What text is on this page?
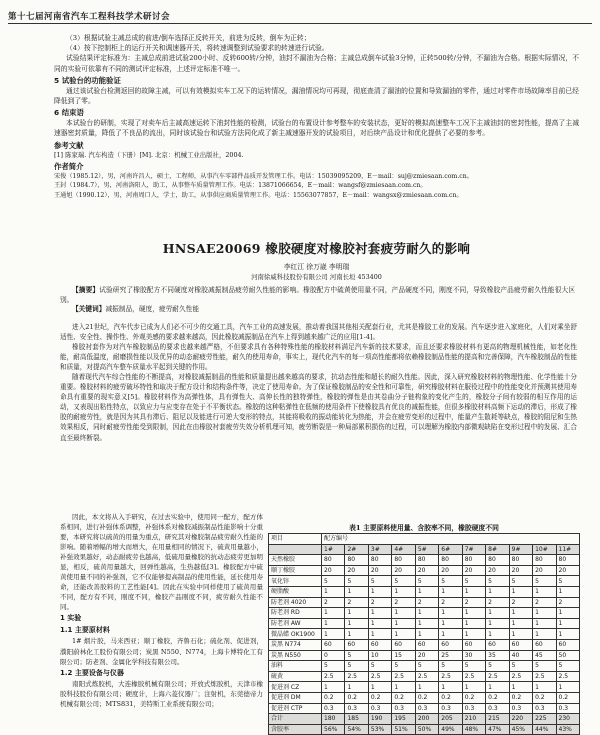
第十七届河南省汽车工程科技学术研讨会

（3）根据试验主减总成的前进/倒车选择正反转开关，前进为反转，倒车为正转；

（4）按下控制柜上的运行开关和调速器开关，将转速调整到试验要求的转速进行试验。

试验结果评定标准为：主减总成前进试验200小时、反转600转/分钟，油封不漏油为合格；主减总成倒车试验3分钟，正转500转/分钟，不漏油为合格。根据实际情况，不同的实验可依靠有不同的测试评定标准，上述评定标准不唯一。

5 试验台的功能验证

通过该试验台检测返回的故障主减，可以有效模拟实车工况下的运转情况，漏油情况均可再现，彻底查清了漏油的位置和导致漏油的零件，通过对零件市场故障率目前已经降低到了零。

6 结束语

本试验台的研制，实现了对卖车后主减高速运转下油封性能的检测，试验台的布置设计参考整车的安装状态，更好的模拟高速整车工况下主减油封的密封性能，提高了主减速器密封质量，降低了不良品的流出，同时该试验台和试验方法同化成了新主减速器开发的试验项目，对后续产品设计和优化提供了必要的参考。

参考文献

[1] 陈家瑞. 汽车构造（下册）[M]. 北京：机械工业出版社，2004.

作者简介

宋俊（1985.12），男，河南许昌人，硕士，工程师，从事汽车零部件品质开发管理工作。电话：15039095209，E－mail：suj@zmiesaan.com.cn。

王封（1984.7），男，河南洛阳人，助工，从事整车质量管理工作。电话：13871066654，E－mail：wangsf@zmiesaan.com.cn。

王通旭（1990.12），男，河南周口人，学士，助工，从事供应商质量管理工作。电话：15563077857，E－mail：wangsx@zmiesaan.com.cn。

HNSAE20069 橡胶硬度对橡胶衬套疲劳耐久的影响
李红江 徐万崴 李明瑞
河南徐威科技股份有限公司 河南长垣 453400

【摘要】试验研究了橡胶配方不同硬度对橡胶减振制品疲劳耐久性能的影响。橡胶配方中硫黄使用量不同，产品硬度不同，刚度不同，导致橡胶产品疲劳耐久性能很大区别。

【关键词】减振制品，硬度，疲劳耐久性能

进入21世纪，汽车代步已成为人们必不可少的交通工具，汽车工业的高速发展，推动着我国其他相关配套行业，尤其是橡胶工业的发展。汽车逐步进入家庭化，人们对乘坐舒适性、安全性、操作性、外观美感的要求越来越高，因此橡胶减振制品在汽车上得到越来越广泛的应用[1-4]。

橡胶衬套作为对汽车橡胶制品的要求也越来越严格，不但要求具有各种特殊性能的橡胶材料满足汽车新的技术要求，而且还要求橡胶材料有更高的物理机械性能，如老化性能，耐高低温度，耐磨损性能以及优异的动态耐疲劳性能，耐久的使用寿命，事实上，现代化汽车的每一项高性能都将依赖橡胶制品性能的提高和完善保障，汽车橡胶制品的性能和质量，对提高汽车整车质量水平起到关键的作用。

随着现代汽车综合性能的不断提高，对橡胶减振制品的性能和质量提出越来越高的要求，抗动态性能和超长的耐久性能。因此，深入研究橡胶材料的物理性能、化学性能十分重要。橡胶材料的疲劳破坏特性和取决于配方设计和结构条件等，决定了使用寿命。为了保证橡胶制品的安全性和可靠性，研究橡胶材料在服役过程中的性能变化并预测其使用寿命具有重要的现实意义[5]。橡胶材料作为高弹性体，具有弹性大、高伸长性的独特弹性，橡胶的弹性是由其卷曲分子链构象的变化产生的，橡胶分子间有较弱的相互作用的运动，又表现出粘性特点，以致应力与应变存在处于不平衡状态。橡胶的这种粘弹性在低频的使用条件下使橡胶具有优良的减振性能，但很多橡胶材料高频下运动的滞后，形成了橡胶的耐疲劳性，就是因为其具有滞后、阻尼以及能进行可逆大变形的特点，其能将吸收的振动能转化为热能，并会在疲劳变形的过程中，能量产生散耗等缺点，橡胶的阻尼和生热效果相反，同时耐疲劳性能受到限制，因此在由橡胶衬套疲劳失效分析机理可知，疲劳断裂是一种局部累积损伤的过程，可以理解为橡胶内部微观缺陷在变形过程中的发展、汇合直至最终断裂。

因此，本文将从入手研究，在过去实验中，使用同一配方，配方体系相同，进行补强体系调整，补强体系对橡胶减振制品性能影响十分重要，本研究将以硫黄的用量为重点，研究其对橡胶制品疲劳耐久性能的影响。随着增幅的增大而增大，在用量相同的情况下，硫黄用量越小，补强效果越好，动态耐疲劳也越高，低硫用量橡胶的抗动态疲劳更加明显，相反，硫黄用量越大，回弹性越高，生热越低[3]。橡胶配方中硫黄使用量不同的补强剂，它不仅能够提高制品的使用性能，延长使用寿命，还能改善胶料的工艺性能[4]。因此在实验中同样使用了硫黄用量不同，配方有不同，刚度不同，橡胶产品刚度不同，疲劳耐久性能不同。

1 实验

1.1 主要原材料

1# 烟片胶，马来西亚；顺丁橡胶，齐鲁石化；硫化剂、促进剂，濮阳蔚林化工股份有限公司；炭黑 N550、N774，上海卡博特化工有限公司；防老剂、金属化学科技有限公司。

1.2 主要设备与仪器

南阳式炼胶机，大连橡胶机械有限公司；开放式炼胶机，天津市橡胶科技股份有限公司；硬度计，上海六菱仪器厂；注射机，东莞德帝力机械有限公司；MTS831，美特斯工业系统有限公司；

表1 主要原料使用量、含胶率不同，橡胶硬度不同

项目	配方编号										
	1#	2#	3#	4#	5#	6#	7#	8#	9#	10#	11#
天然橡胶	80	80	80	80	80	80	80	80	80	80	80
顺丁橡胶	20	20	20	20	20	20	20	20	20	20	20
氧化锌	5	5	5	5	5	5	5	5	5	5	5
硬脂酸	1	1	1	1	1	1	1	1	1	1	1
防老剂 4020	2	2	2	2	2	2	2	2	2	2	2
防老剂 RD	1	1	1	1	1	1	1	1	1	1	1
防老剂 AW	1	1	1	1	1	1	1	1	1	1	1
微晶蜡 OK1900	1	1	1	1	1	1	1	1	1	1	1
炭黑 N774	60	60	60	60	60	60	60	60	60	60	60
炭黑 N550	0	5	10	15	20	25	30	35	40	45	50
油料	5	5	5	5	5	5	5	5	5	5	5
硫黄	2.5	2.5	2.5	2.5	2.5	2.5	2.5	2.5	2.5	2.5	2.5
促进剂 CZ	1	1	1	1	1	1	1	1	1	1	1
促进剂 DM	0.2	0.2	0.2	0.2	0.2	0.2	0.2	0.2	0.2	0.2	0.2
促进剂 CTP	0.3	0.3	0.3	0.3	0.3	0.3	0.3	0.3	0.3	0.3	0.3
合计	180	185	190	195	200	205	210	215	220	225	230
含胶率	56%	54%	53%	51%	50%	49%	48%	47%	45%	44%	43%
